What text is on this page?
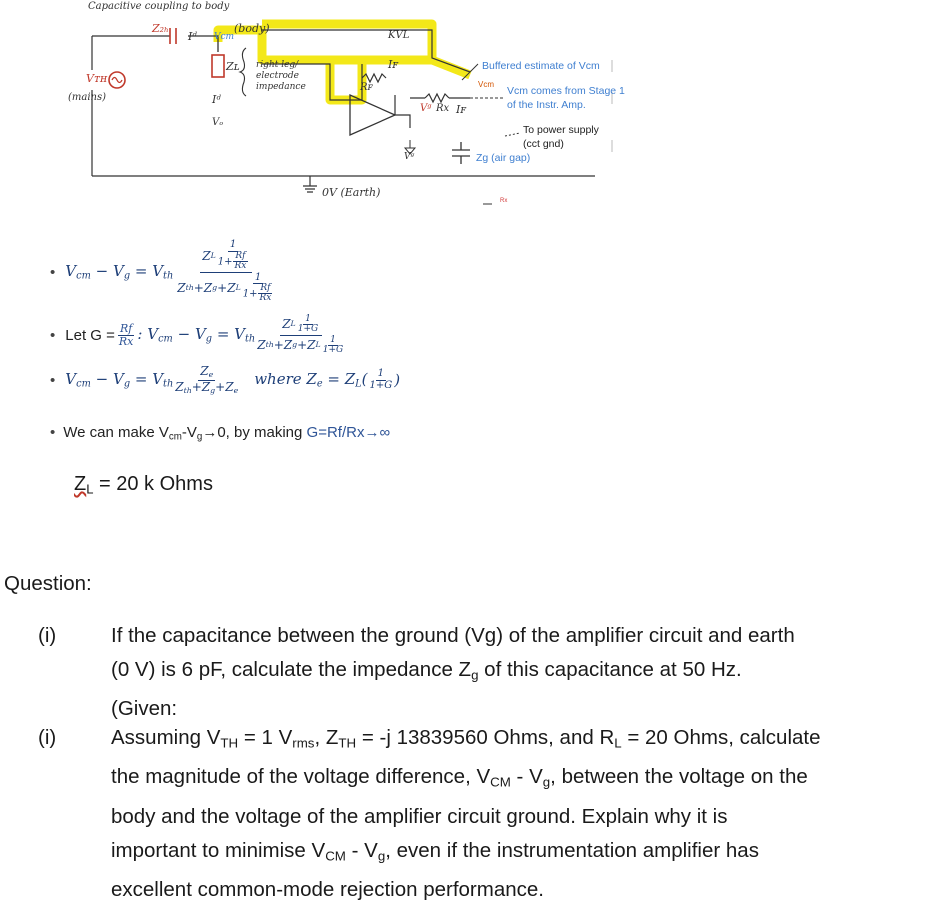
Capacitive coupling to body
Z₂ₕ
Iᵈ
(body)
Vcm
Vᴛʜ
(mains)
Zʟ right leg/ electrode impedance
Iᵈ
Vₒ
KVL
Iꜰ
Rꜰ
Vᵍ Rx Iꜰ
Vᵍ
0V (Earth)
Vcm
Buffered estimate of Vcm
Vcm comes from Stage 1 of the Instr. Amp.
To power supply (cct gnd)
Zg (air gap)
Rx
• $V_{cm} - V_g = V_{th} \frac{Z L \frac{1}{1+ \frac{Rf}{Rx}}}{Z th +Z g +Z L \frac{1}{1+ \frac{Rf}{Rx}}}$
• Let $G = \frac{Rf}{Rx}$ : $V_{cm} - V_g = V_{th} \frac{Z L \frac{1}{1+G}}{Z th +Z g +Z L \frac{1}{1+G}}$
• $V_{cm} - V_g = V_{th} \frac{Z_e}{Z_{th}+Z_g+Z_e}$ where $Z_e = Z_L( \frac{1}{1+G}$ )
• We can make $V_{cm}-V_g\to 0$, by making G=Rf/Rx→∞
$Z_L = 20$ k Ohms
Question:
(i)	If the capacitance between the ground (Vg) of the amplifier circuit and earth
(0 V) is 6 pF, calculate the impedance $Z_g$ of this capacitance at 50 Hz.
(Given:
(i)	Assuming $V_{TH} = 1$ $V_{rms}$, $Z_{TH} = -j$ 13839560 Ohms, and $R_L = 20$ Ohms, calculate
the magnitude of the voltage difference, $V_{CM} - V_g$, between the voltage on the
body and the voltage of the amplifier circuit ground. Explain why it is
important to minimise $V_{CM} - V_g$, even if the instrumentation amplifier has
excellent common-mode rejection performance.
